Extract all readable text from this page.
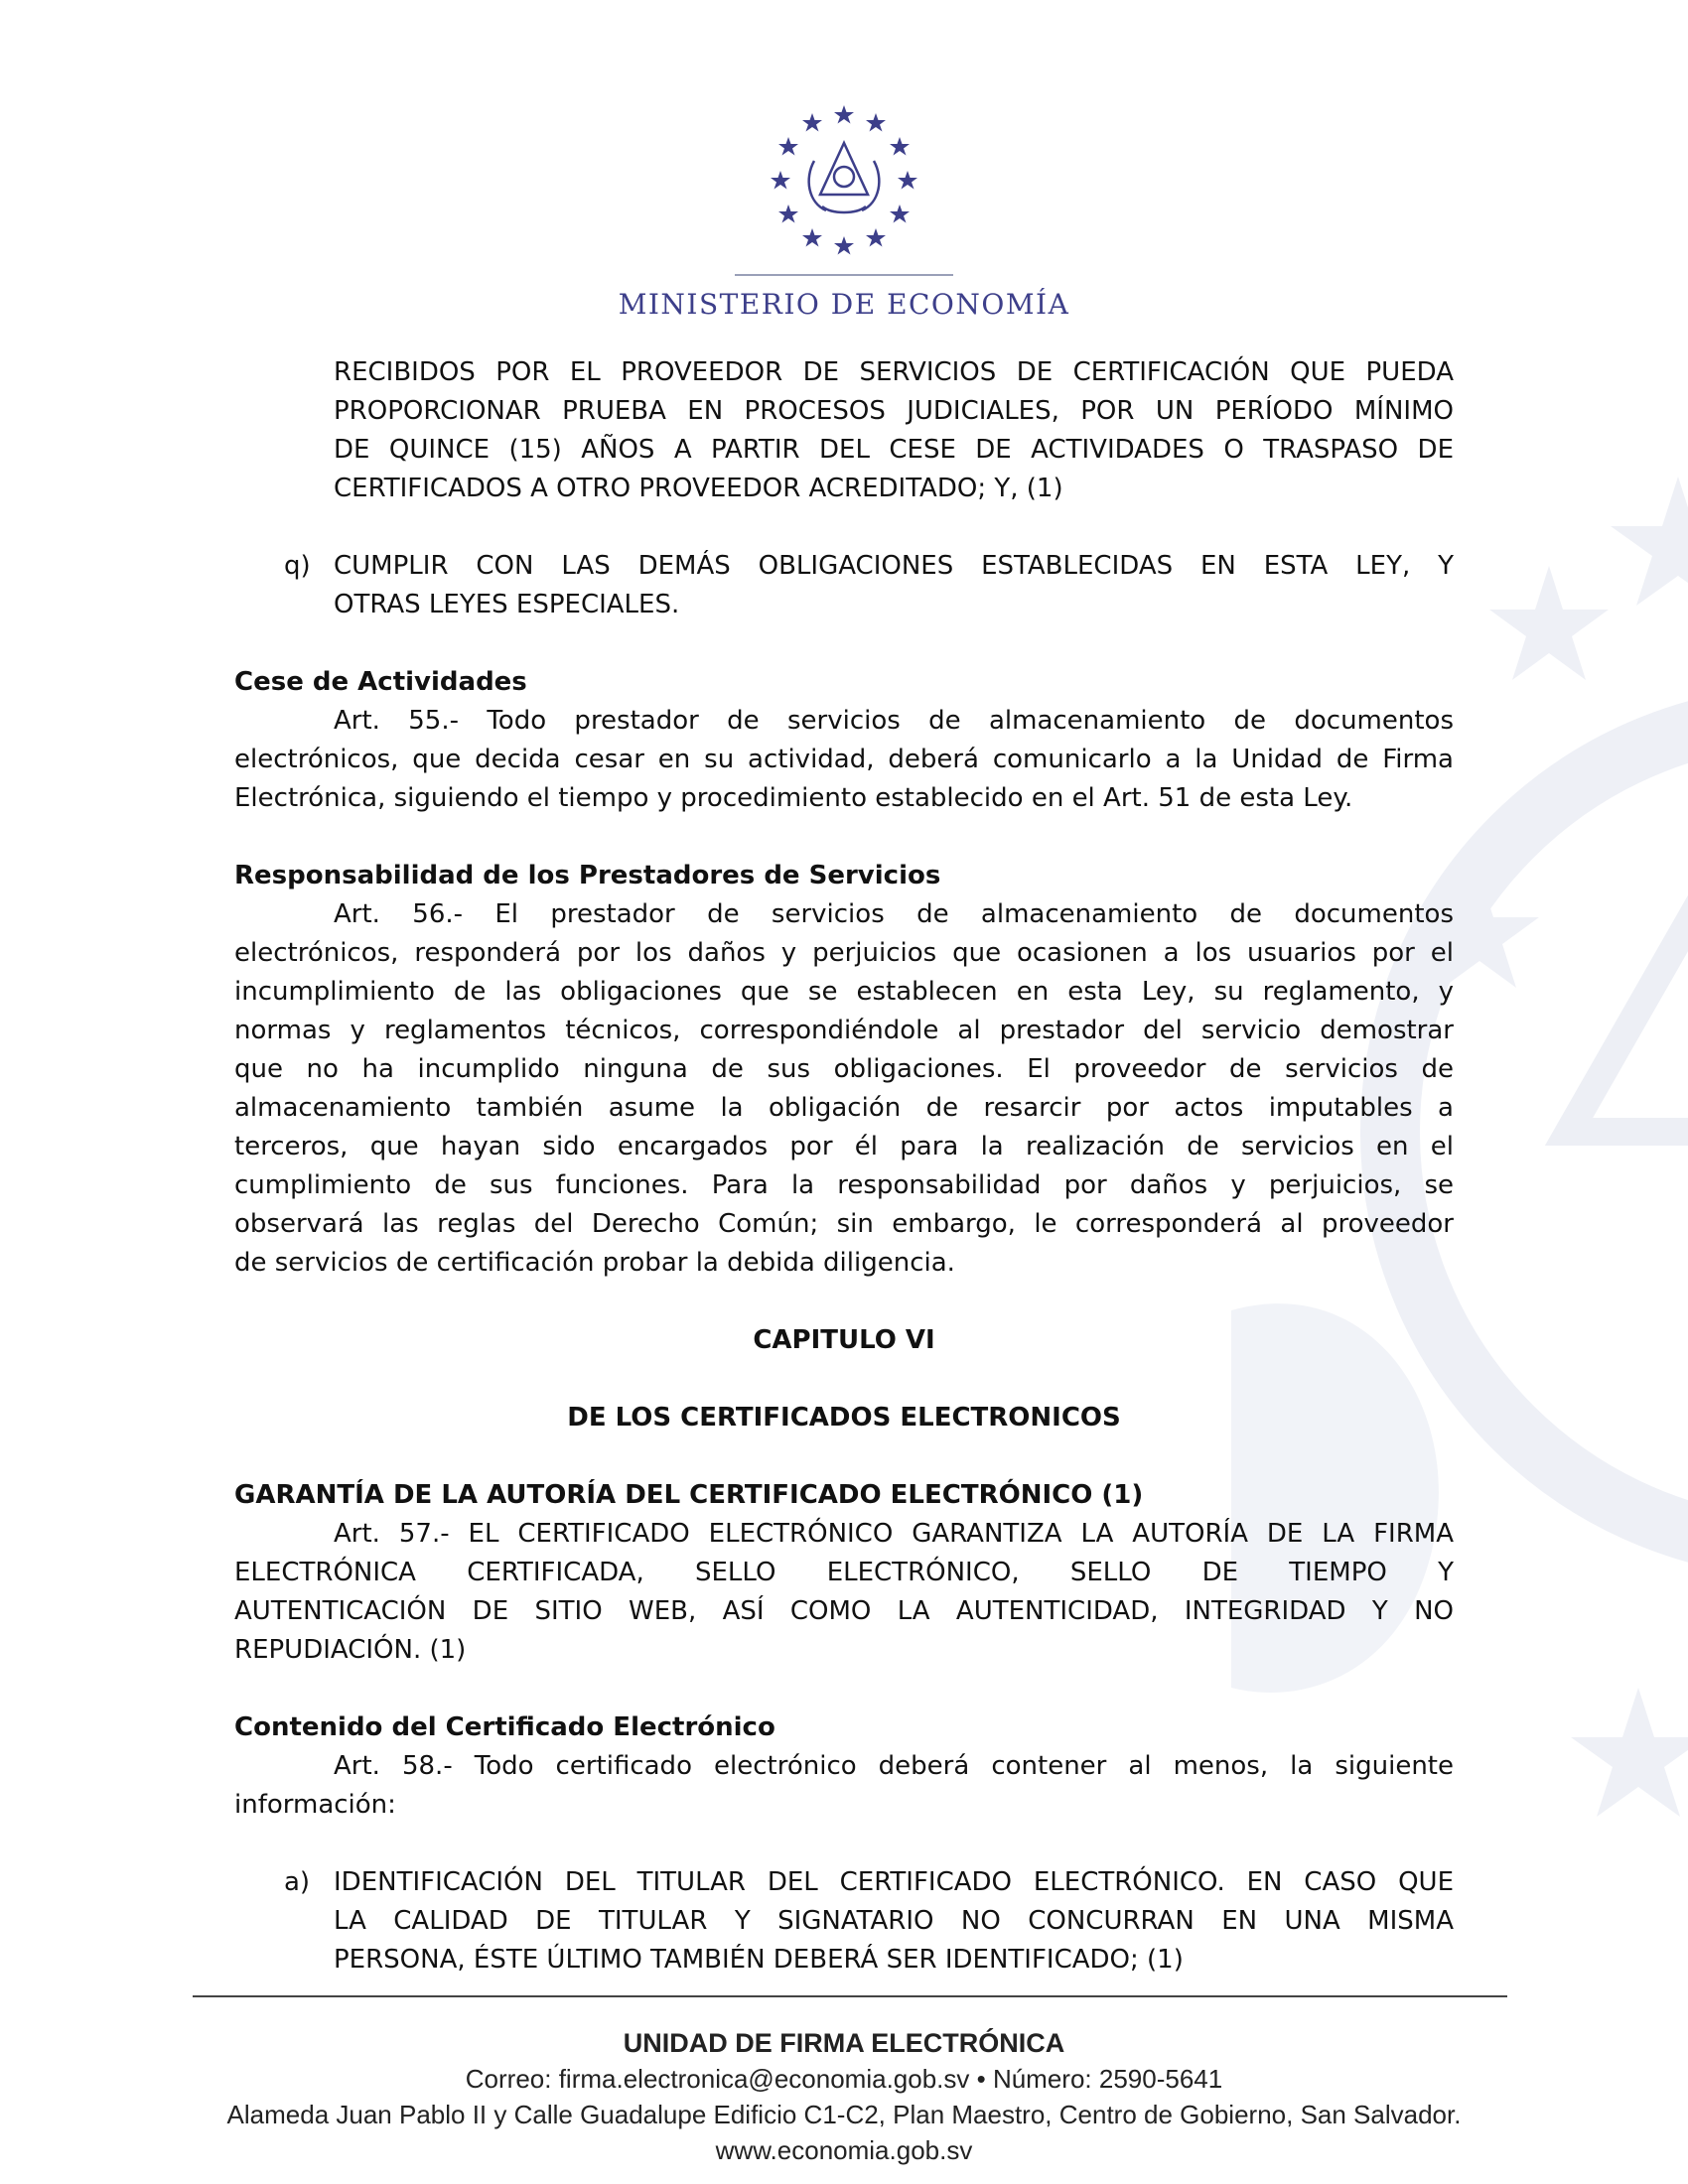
MINISTERIO DE ECONOMÍA

RECIBIDOS POR EL PROVEEDOR DE SERVICIOS DE CERTIFICACIÓN QUE PUEDA

PROPORCIONAR PRUEBA EN PROCESOS JUDICIALES, POR UN PERÍODO MÍNIMO

DE QUINCE (15) AÑOS A PARTIR DEL CESE DE ACTIVIDADES O TRASPASO DE

CERTIFICADOS A OTRO PROVEEDOR ACREDITADO; Y, (1)

q) CUMPLIR CON LAS DEMÁS OBLIGACIONES ESTABLECIDAS EN ESTA LEY, Y

OTRAS LEYES ESPECIALES.

Cese de Actividades

Art. 55.- Todo prestador de servicios de almacenamiento de documentos

electrónicos, que decida cesar en su actividad, deberá comunicarlo a la Unidad de Firma

Electrónica, siguiendo el tiempo y procedimiento establecido en el Art. 51 de esta Ley.

Responsabilidad de los Prestadores de Servicios

Art. 56.- El prestador de servicios de almacenamiento de documentos

electrónicos, responderá por los daños y perjuicios que ocasionen a los usuarios por el

incumplimiento de las obligaciones que se establecen en esta Ley, su reglamento, y

normas y reglamentos técnicos, correspondiéndole al prestador del servicio demostrar

que no ha incumplido ninguna de sus obligaciones. El proveedor de servicios de

almacenamiento también asume la obligación de resarcir por actos imputables a

terceros, que hayan sido encargados por él para la realización de servicios en el

cumplimiento de sus funciones. Para la responsabilidad por daños y perjuicios, se

observará las reglas del Derecho Común; sin embargo, le corresponderá al proveedor

de servicios de certificación probar la debida diligencia.

CAPITULO VI

DE LOS CERTIFICADOS ELECTRONICOS

GARANTÍA DE LA AUTORÍA DEL CERTIFICADO ELECTRÓNICO (1)

Art. 57.- EL CERTIFICADO ELECTRÓNICO GARANTIZA LA AUTORÍA DE LA FIRMA

ELECTRÓNICA CERTIFICADA, SELLO ELECTRÓNICO, SELLO DE TIEMPO Y

AUTENTICACIÓN DE SITIO WEB, ASÍ COMO LA AUTENTICIDAD, INTEGRIDAD Y NO

REPUDIACIÓN. (1)

Contenido del Certificado Electrónico

Art. 58.- Todo certificado electrónico deberá contener al menos, la siguiente

información:

a) IDENTIFICACIÓN DEL TITULAR DEL CERTIFICADO ELECTRÓNICO. EN CASO QUE

LA CALIDAD DE TITULAR Y SIGNATARIO NO CONCURRAN EN UNA MISMA

PERSONA, ÉSTE ÚLTIMO TAMBIÉN DEBERÁ SER IDENTIFICADO; (1)

UNIDAD DE FIRMA ELECTRÓNICA
Correo: firma.electronica@economia.gob.sv • Número: 2590-5641
Alameda Juan Pablo II y Calle Guadalupe Edificio C1-C2, Plan Maestro, Centro de Gobierno, San Salvador.
www.economia.gob.sv
